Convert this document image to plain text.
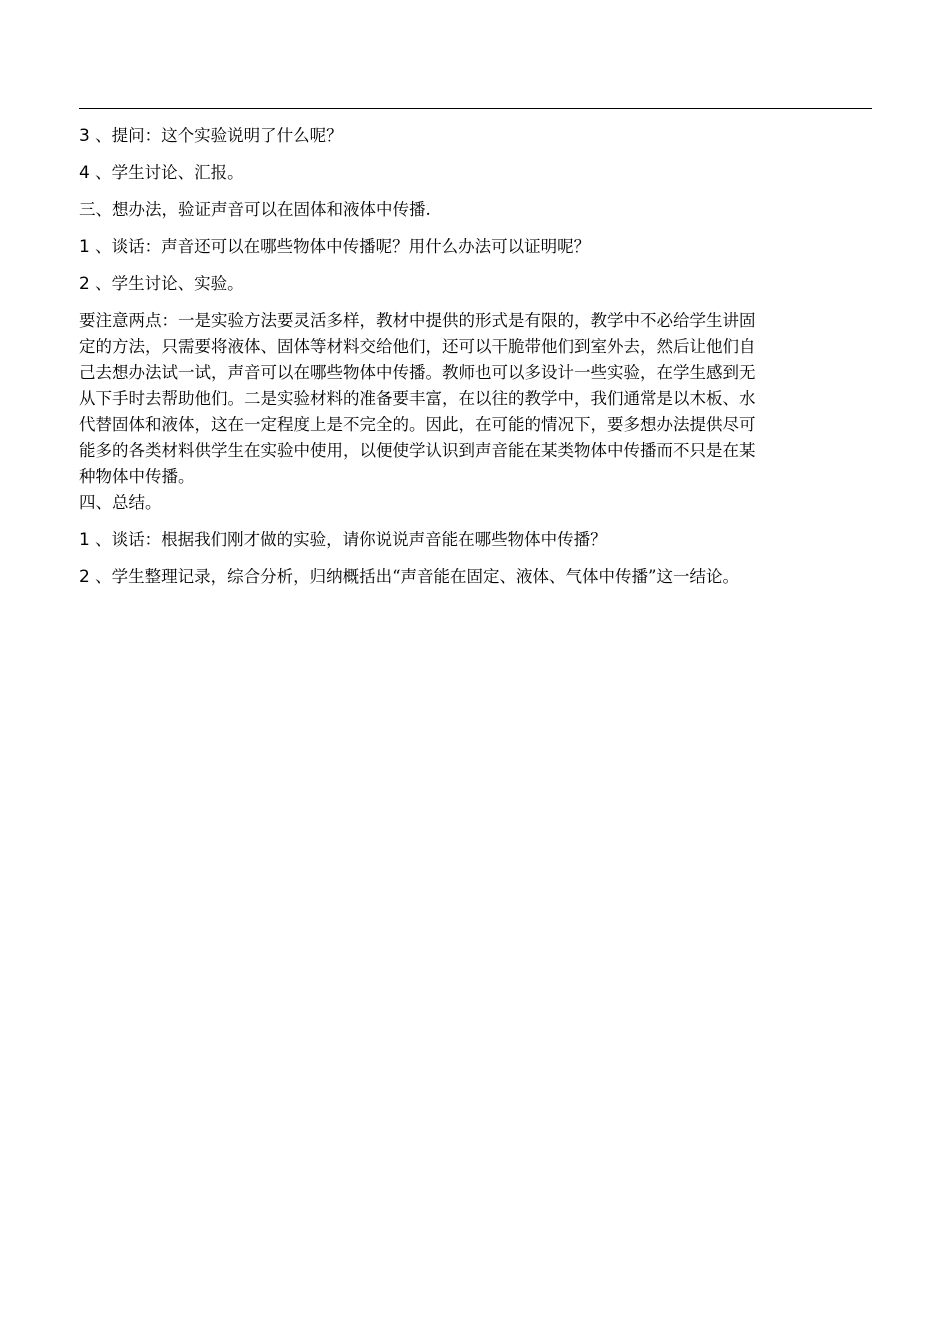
3 、提问：这个实验说明了什么呢？
4 、学生讨论、汇报。
三、想办法，验证声音可以在固体和液体中传播.
1 、谈话：声音还可以在哪些物体中传播呢？用什么办法可以证明呢？
2 、学生讨论、实验。
要注意两点：一是实验方法要灵活多样，教材中提供的形式是有限的，教学中不必给学生讲固
定的方法，只需要将液体、固体等材料交给他们，还可以干脆带他们到室外去，然后让他们自
己去想办法试一试，声音可以在哪些物体中传播。教师也可以多设计一些实验，在学生感到无
从下手时去帮助他们。二是实验材料的准备要丰富，在以往的教学中，我们通常是以木板、水
代替固体和液体，这在一定程度上是不完全的。因此，在可能的情况下，要多想办法提供尽可
能多的各类材料供学生在实验中使用，以便使学认识到声音能在某类物体中传播而不只是在某
种物体中传播。
四、总结。
1 、谈话：根据我们刚才做的实验，请你说说声音能在哪些物体中传播？
2 、学生整理记录，综合分析，归纳概括出“声音能在固定、液体、气体中传播”这一结论。
